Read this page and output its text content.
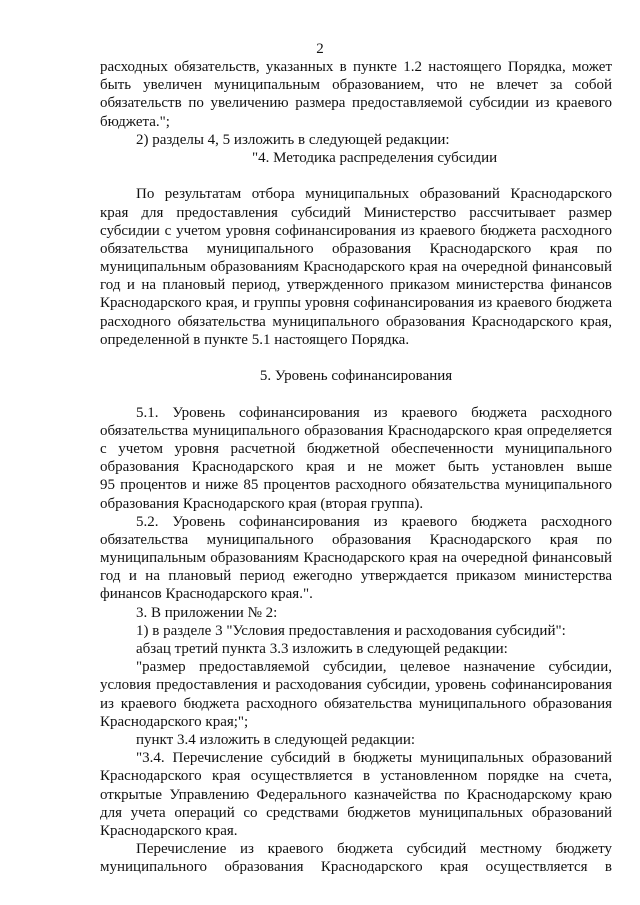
2
расходных обязательств, указанных в пункте 1.2 настоящего Порядка, может
быть увеличен муниципальным образованием, что не влечет за собой
обязательств по увеличению размера предоставляемой субсидии из краевого
бюджета.";
2) разделы 4, 5 изложить в следующей редакции:
"4. Методика распределения субсидии
По результатам отбора муниципальных образований Краснодарского
края для предоставления субсидий Министерство рассчитывает размер
субсидии с учетом уровня софинансирования из краевого бюджета расходного
обязательства муниципального образования Краснодарского края по
муниципальным образованиям Краснодарского края на очередной финансовый
год и на плановый период, утвержденного приказом министерства финансов
Краснодарского края, и группы уровня софинансирования из краевого бюджета
расходного обязательства муниципального образования Краснодарского края,
определенной в пункте 5.1 настоящего Порядка.
5. Уровень софинансирования
5.1. Уровень софинансирования из краевого бюджета расходного
обязательства муниципального образования Краснодарского края определяется
с учетом уровня расчетной бюджетной обеспеченности муниципального
образования Краснодарского края и не может быть установлен выше
95 процентов и ниже 85 процентов расходного обязательства муниципального
образования Краснодарского края (вторая группа).
5.2. Уровень софинансирования из краевого бюджета расходного
обязательства муниципального образования Краснодарского края по
муниципальным образованиям Краснодарского края на очередной финансовый
год и на плановый период ежегодно утверждается приказом министерства
финансов Краснодарского края.".
3. В приложении № 2:
1) в разделе 3 "Условия предоставления и расходования субсидий":
абзац третий пункта 3.3 изложить в следующей редакции:
"размер предоставляемой субсидии, целевое назначение субсидии,
условия предоставления и расходования субсидии, уровень софинансирования
из краевого бюджета расходного обязательства муниципального образования
Краснодарского края;";
пункт 3.4 изложить в следующей редакции:
"3.4. Перечисление субсидий в бюджеты муниципальных образований
Краснодарского края осуществляется в установленном порядке на счета,
открытые Управлению Федерального казначейства по Краснодарскому краю
для учета операций со средствами бюджетов муниципальных образований
Краснодарского края.
Перечисление из краевого бюджета субсидий местному бюджету
муниципального образования Краснодарского края осуществляется в
